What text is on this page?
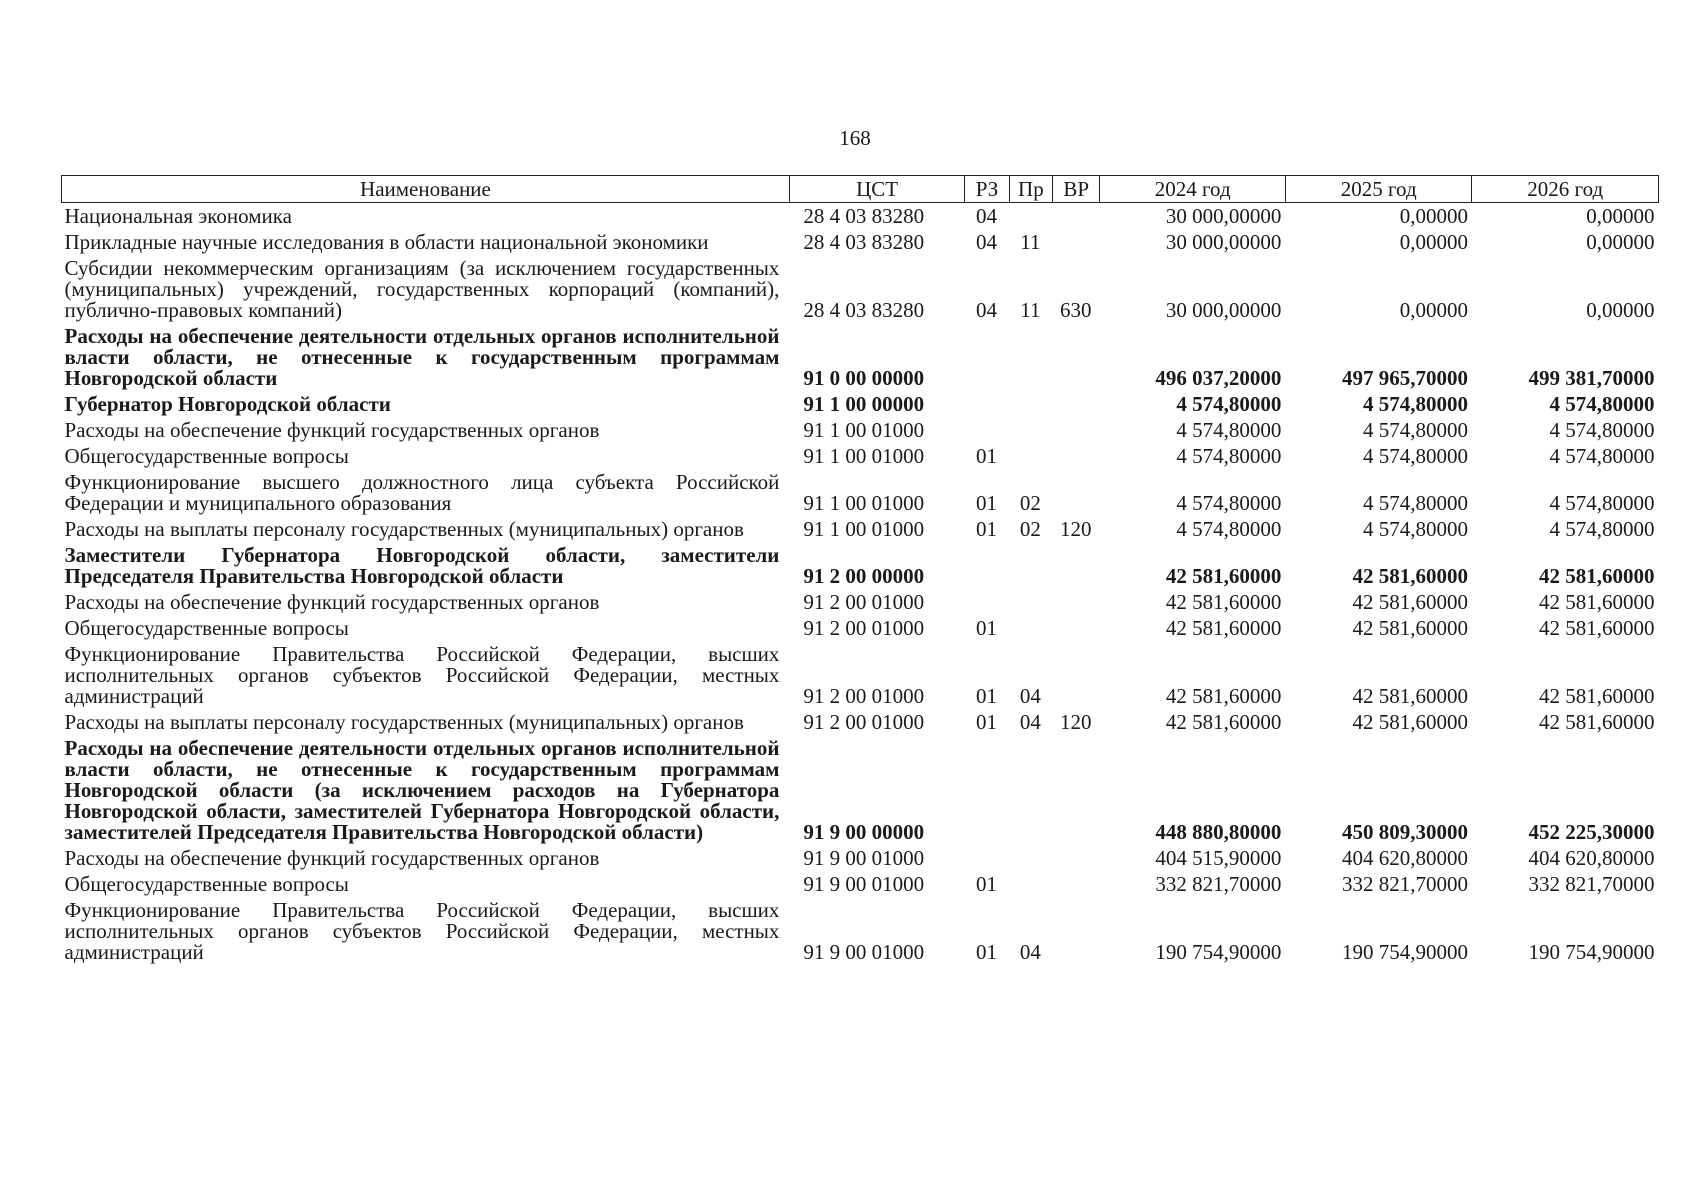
168
Наименование	ЦСТ	РЗ	Пр	ВР	2024 год	2025 год	2026 год
Национальная экономика	28 4 03 83280	04			30 000,00000	0,00000	0,00000
Прикладные научные исследования в области национальной экономики	28 4 03 83280	04	11		30 000,00000	0,00000	0,00000
Субсидии некоммерческим организациям (за исключением государственных (муниципальных) учреждений, государственных корпораций (компаний), публично-правовых компаний)	28 4 03 83280	04	11	630	30 000,00000	0,00000	0,00000
Расходы на обеспечение деятельности отдельных органов исполнительной власти области, не отнесенные к государственным программам Новгородской области	91 0 00 00000				496 037,20000	497 965,70000	499 381,70000
Губернатор Новгородской области	91 1 00 00000				4 574,80000	4 574,80000	4 574,80000
Расходы на обеспечение функций государственных органов	91 1 00 01000				4 574,80000	4 574,80000	4 574,80000
Общегосударственные вопросы	91 1 00 01000	01			4 574,80000	4 574,80000	4 574,80000
Функционирование высшего должностного лица субъекта Российской Федерации и муниципального образования	91 1 00 01000	01	02		4 574,80000	4 574,80000	4 574,80000
Расходы на выплаты персоналу государственных (муниципальных) органов	91 1 00 01000	01	02	120	4 574,80000	4 574,80000	4 574,80000
Заместители Губернатора Новгородской области, заместители Председателя Правительства Новгородской области	91 2 00 00000				42 581,60000	42 581,60000	42 581,60000
Расходы на обеспечение функций государственных органов	91 2 00 01000				42 581,60000	42 581,60000	42 581,60000
Общегосударственные вопросы	91 2 00 01000	01			42 581,60000	42 581,60000	42 581,60000
Функционирование Правительства Российской Федерации, высших исполнительных органов субъектов Российской Федерации, местных администраций	91 2 00 01000	01	04		42 581,60000	42 581,60000	42 581,60000
Расходы на выплаты персоналу государственных (муниципальных) органов	91 2 00 01000	01	04	120	42 581,60000	42 581,60000	42 581,60000
Расходы на обеспечение деятельности отдельных органов исполнительной власти области, не отнесенные к государственным программам Новгородской области (за исключением расходов на Губернатора Новгородской области, заместителей Губернатора Новгородской области, заместителей Председателя Правительства Новгородской области)	91 9 00 00000				448 880,80000	450 809,30000	452 225,30000
Расходы на обеспечение функций государственных органов	91 9 00 01000				404 515,90000	404 620,80000	404 620,80000
Общегосударственные вопросы	91 9 00 01000	01			332 821,70000	332 821,70000	332 821,70000
Функционирование Правительства Российской Федерации, высших исполнительных органов субъектов Российской Федерации, местных администраций	91 9 00 01000	01	04		190 754,90000	190 754,90000	190 754,90000
